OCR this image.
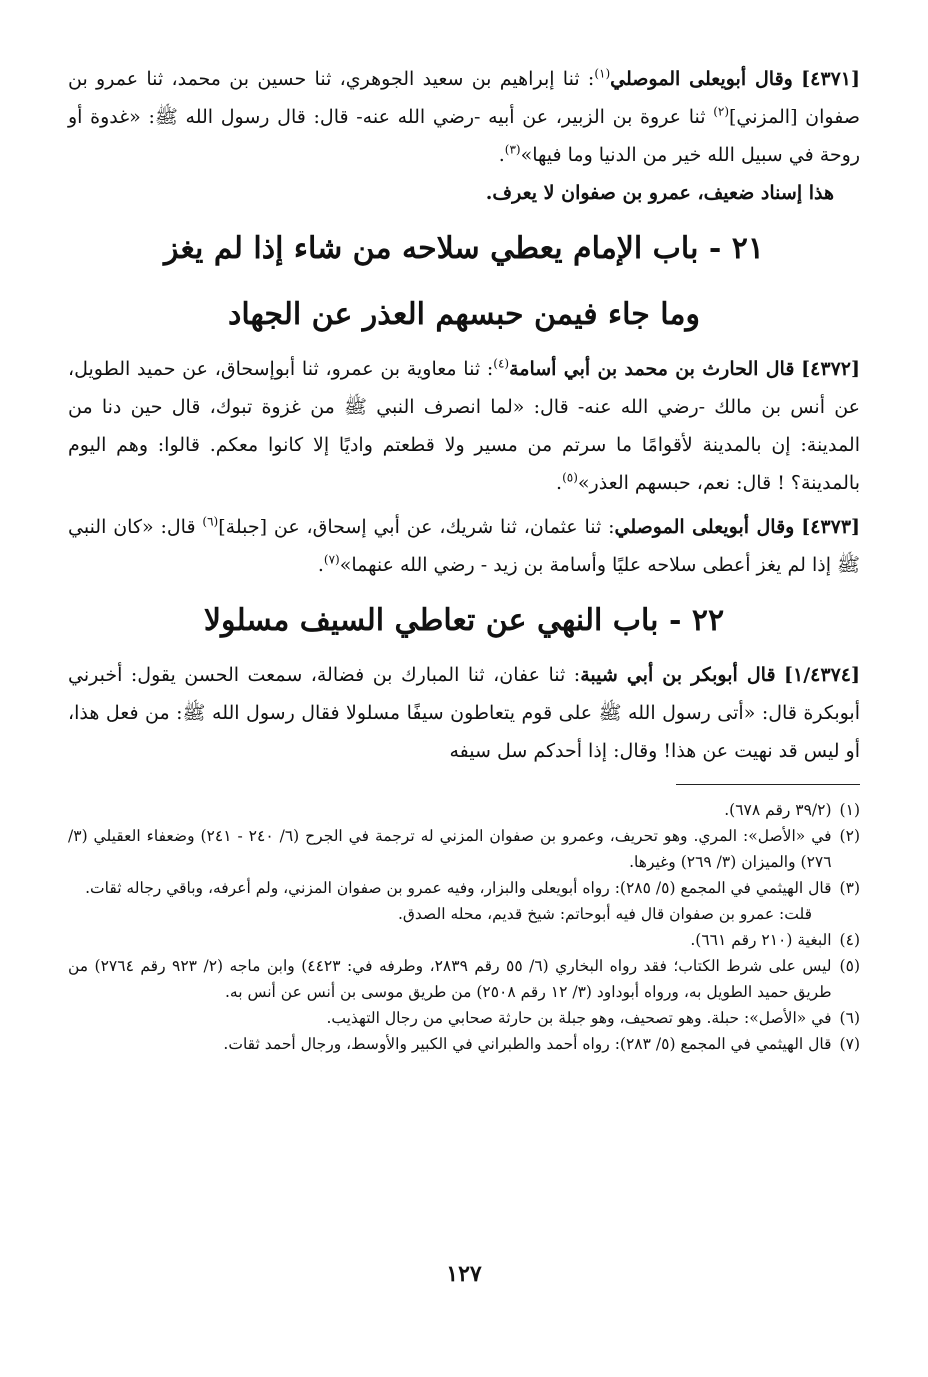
[٤٣٧١] وقال أبويعلى الموصلي$^{(١)}$: ثنا إبراهيم بن سعيد الجوهري، ثنا حسين بن محمد، ثنا عمرو بن صفوان [المزني]$^{(٢)}$ ثنا عروة بن الزبير، عن أبيه -رضي الله عنه- قال: قال رسول الله ﷺ: «غدوة أو روحة في سبيل الله خير من الدنيا وما فيها»$^{(٣)}$.

هذا إسناد ضعيف، عمرو بن صفوان لا يعرف.

٢١ - باب الإمام يعطي سلاحه من شاء إذا لم يغز
وما جاء فيمن حبسهم العذر عن الجهاد

[٤٣٧٢] قال الحارث بن محمد بن أبي أسامة$^{(٤)}$: ثنا معاوية بن عمرو، ثنا أبوإسحاق، عن حميد الطويل، عن أنس بن مالك -رضي الله عنه- قال: «لما انصرف النبي ﷺ من غزوة تبوك، قال حين دنا من المدينة: إن بالمدينة لأقوامًا ما سرتم من مسير ولا قطعتم واديًا إلا كانوا معكم. قالوا: وهم اليوم بالمدينة؟ ! قال: نعم، حبسهم العذر»$^{(٥)}$.

[٤٣٧٣] وقال أبويعلى الموصلي: ثنا عثمان، ثنا شريك، عن أبي إسحاق، عن [جبلة]$^{(٦)}$ قال: «كان النبي ﷺ إذا لم يغز أعطى سلاحه عليًا وأسامة بن زيد - رضي الله عنهما»$^{(٧)}$.

٢٢ - باب النهي عن تعاطي السيف مسلولا

[١/٤٣٧٤] قال أبوبكر بن أبي شيبة: ثنا عفان، ثنا المبارك بن فضالة، سمعت الحسن يقول: أخبرني أبوبكرة قال: «أتى رسول الله ﷺ على قوم يتعاطون سيفًا مسلولا فقال رسول الله ﷺ: من فعل هذا، أو ليس قد نهيت عن هذا! وقال: إذا أحدكم سل سيفه

(١)
(٣٩/٢ رقم ٦٧٨).
(٢)
في «الأصل»: المري. وهو تحريف، وعمرو بن صفوان المزني له ترجمة في الجرح (٦/ ٢٤٠ - ٢٤١) وضعفاء العقيلي (٣/ ٢٧٦) والميزان (٣/ ٢٦٩) وغيرها.
(٣)
قال الهيثمي في المجمع (٥/ ٢٨٥): رواه أبويعلى والبزار، وفيه عمرو بن صفوان المزني، ولم أعرفه، وباقي رجاله ثقات.
قلت: عمرو بن صفوان قال فيه أبوحاتم: شيخ قديم، محله الصدق.
(٤)
البغية (٢١٠ رقم ٦٦١).
(٥)
ليس على شرط الكتاب؛ فقد رواه البخاري (٦/ ٥٥ رقم ٢٨٣٩، وطرفه في: ٤٤٢٣) وابن ماجه (٢/ ٩٢٣ رقم ٢٧٦٤) من طريق حميد الطويل به، ورواه أبوداود (٣/ ١٢ رقم ٢٥٠٨) من طريق موسى بن أنس عن أنس به.
(٦)
في «الأصل»: حبلة. وهو تصحيف، وهو جبلة بن حارثة صحابي من رجال التهذيب.
(٧)
قال الهيثمي في المجمع (٥/ ٢٨٣): رواه أحمد والطبراني في الكبير والأوسط، ورجال أحمد ثقات.
١٢٧
